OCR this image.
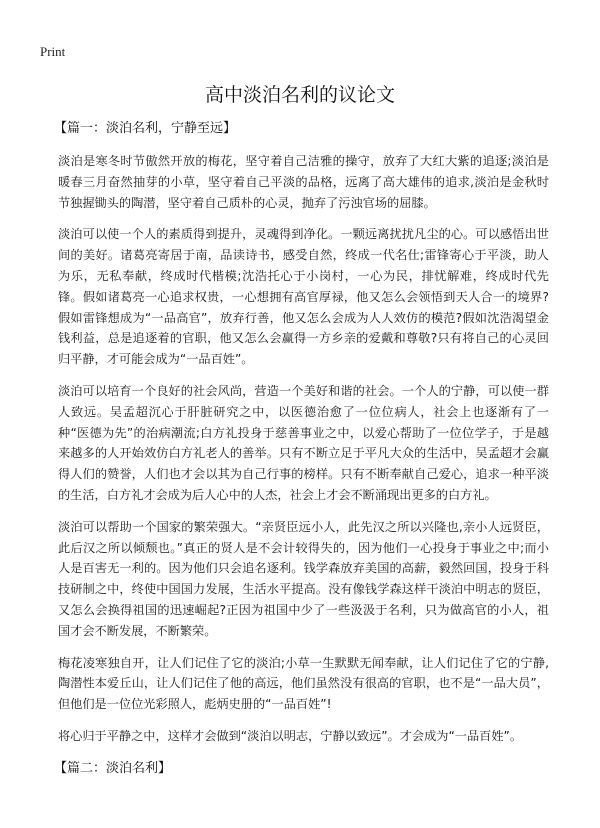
Print
高中淡泊名利的议论文
【篇一：淡泊名利，宁静至远】

淡泊是寒冬时节傲然开放的梅花，坚守着自己洁雅的操守，放弃了大红大紫的追逐;淡泊是暖春三月奋然抽芽的小草，坚守着自己平淡的品格，远离了高大雄伟的追求,淡泊是金秋时节独握锄头的陶潜，坚守着自己质朴的心灵，抛弃了污浊官场的屈膝。

淡泊可以使一个人的素质得到提升，灵魂得到净化。一颗远离扰扰凡尘的心。可以感悟出世间的美好。诸葛亮寄居于南，品读诗书，感受自然，终成一代名仕;雷锋寄心于平淡，助人为乐，无私奉献，终成时代楷模;沈浩托心于小岗村，一心为民，排忧解难，终成时代先锋。假如诸葛亮一心追求权贵，一心想拥有高官厚禄，他又怎么会领悟到天人合一的境界?假如雷锋想成为“一品高官”，放弃行善，他又怎么会成为人人效仿的模范?假如沈浩渴望金钱利益，总是追逐着的官职，他又怎么会赢得一方乡亲的爱戴和尊敬?只有将自己的心灵回归平静，才可能会成为“一品百姓”。

淡泊可以培育一个良好的社会风尚，营造一个美好和谐的社会。一个人的宁静，可以使一群人致远。吴孟超沉心于肝脏研究之中，以医德治愈了一位位病人，社会上也逐渐有了一种“医德为先”的治病潮流;白方礼投身于慈善事业之中，以爱心帮助了一位位学子，于是越来越多的人开始效仿白方礼老人的善举。只有不断立足于平凡大众的生活中，吴孟超才会赢得人们的赞誉，人们也才会以其为自己行事的榜样。只有不断奉献自己爱心，追求一种平淡的生活，白方礼才会成为后人心中的人杰，社会上才会不断涌现出更多的白方礼。

淡泊可以帮助一个国家的繁荣强大。“亲贤臣远小人，此先汉之所以兴隆也,亲小人远贤臣，此后汉之所以倾颓也。”真正的贤人是不会计较得失的，因为他们一心投身于事业之中;而小人是百害无一利的。因为他们只会追名逐利。钱学森放弃美国的高薪，毅然回国，投身于科技研制之中，终使中国国力发展，生活水平提高。没有像钱学森这样干淡泊中明志的贤臣，又怎么会换得祖国的迅速崛起?正因为祖国中少了一些汲汲于名利，只为做高官的小人，祖国才会不断发展，不断繁荣。

梅花凌寒独自开，让人们记住了它的淡泊;小草一生默默无闻奉献，让人们记住了它的宁静,陶潜性本爱丘山，让人们记住了他的高远，他们虽然没有很高的官职，也不是“一品大员”，但他们是一位位光彩照人，彪炳史册的“一品百姓”!

将心归于平静之中，这样才会做到“淡泊以明志，宁静以致远”。才会成为“一品百姓”。

【篇二：淡泊名利】
